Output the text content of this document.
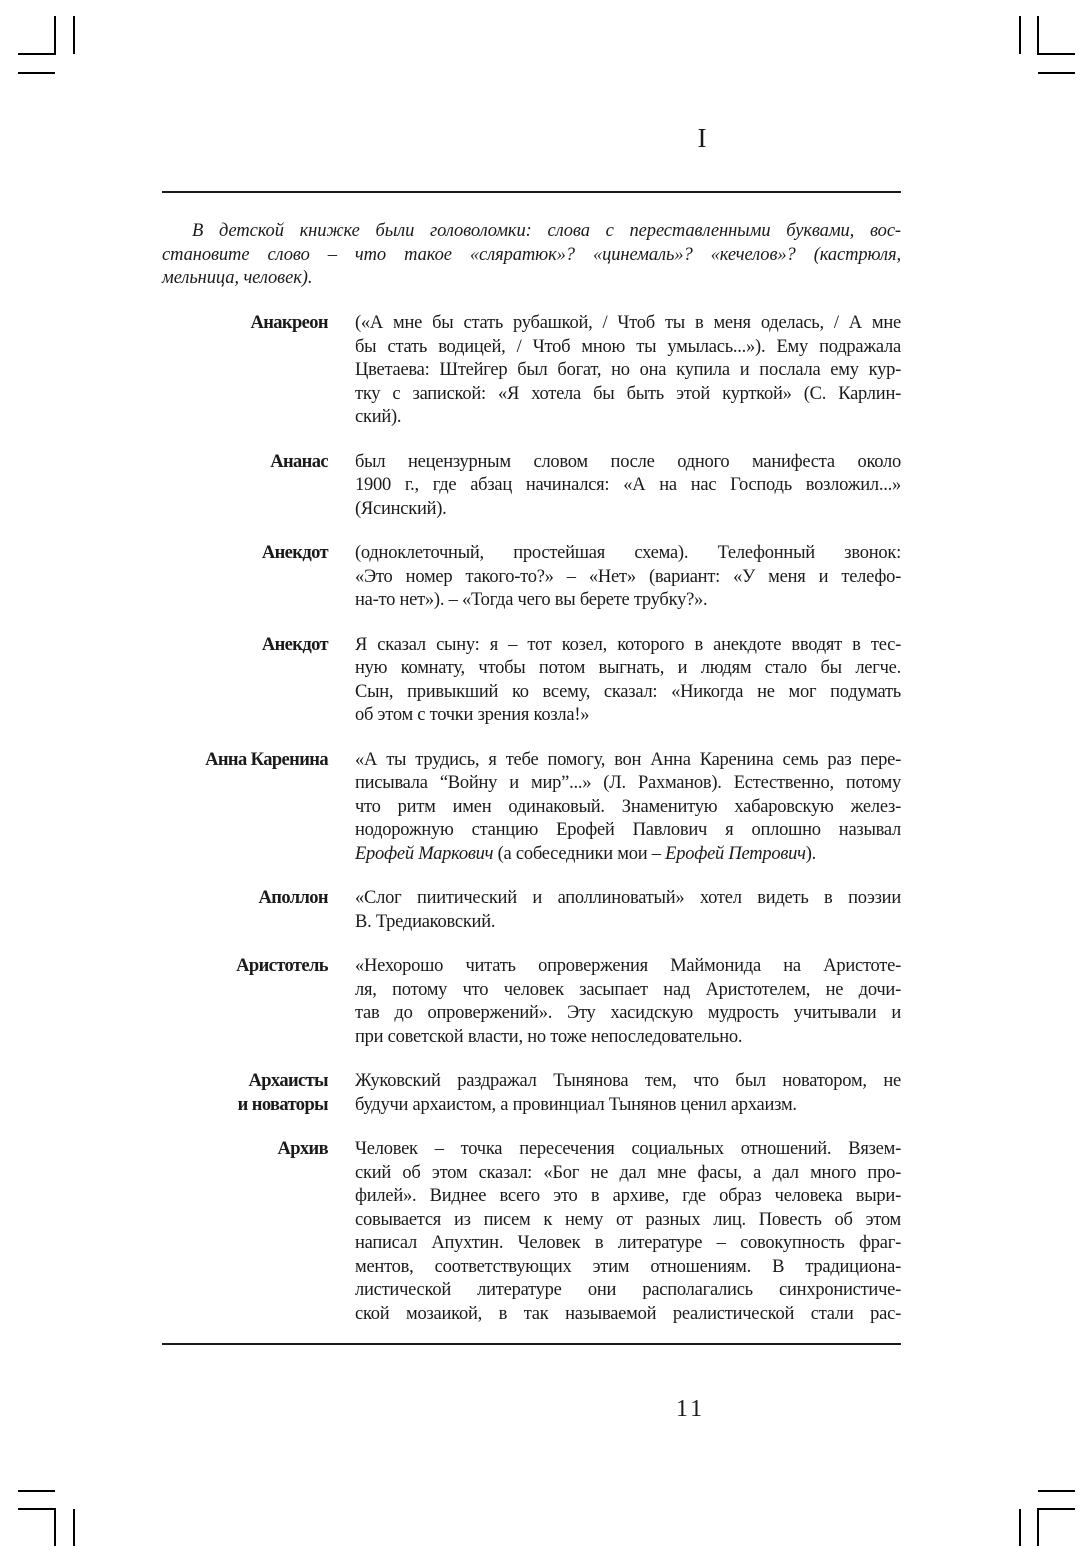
I
В детской книжке были головоломки: слова с переставленными буквами, вос-
становите слово – что такое «сляратюк»? «цинемаль»? «кечелов»? (кастрюля,
мельница, человек).
Анакреон («А мне бы стать рубашкой, / Чтоб ты в меня оделась, / А мне
бы стать водицей, / Чтоб мною ты умылась...»). Ему подражала
Цветаева: Штейгер был богат, но она купила и послала ему кур-
тку с запиской: «Я хотела бы быть этой курткой» (С. Карлин-
ский).
Ананас был нецензурным словом после одного манифеста около
1900 г., где абзац начинался: «А на нас Господь возложил...»
(Ясинский).
Анекдот (одноклеточный, простейшая схема). Телефонный звонок:
«Это номер такого-то?» – «Нет» (вариант: «У меня и телефо-
на-то нет»). – «Тогда чего вы берете трубку?».
Анекдот Я сказал сыну: я – тот козел, которого в анекдоте вводят в тес-
ную комнату, чтобы потом выгнать, и людям стало бы легче.
Сын, привыкший ко всему, сказал: «Никогда не мог подумать
об этом с точки зрения козла!»
Анна Каренина «А ты трудись, я тебе помогу, вон Анна Каренина семь раз пере-
писывала “Войну и мир”...» (Л. Рахманов). Естественно, потому
что ритм имен одинаковый. Знаменитую хабаровскую желез-
нодорожную станцию Ерофей Павлович я оплошно называл
Ерофей Маркович (а собеседники мои – Ерофей Петрович).
Аполлон «Слог пиитический и аполлиноватый» хотел видеть в поэзии
В. Тредиаковский.
Аристотель «Нехорошо читать опровержения Маймонида на Аристоте-
ля, потому что человек засыпает над Аристотелем, не дочи-
тав до опровержений». Эту хасидскую мудрость учитывали и
при советской власти, но тоже непоследовательно.
Архаисты
и новаторы
Жуковский раздражал Тынянова тем, что был новатором, не
будучи архаистом, а провинциал Тынянов ценил архаизм.
Архив Человек – точка пересечения социальных отношений. Вязем-
ский об этом сказал: «Бог не дал мне фасы, а дал много про-
филей». Виднее всего это в архиве, где образ человека выри-
совывается из писем к нему от разных лиц. Повесть об этом
написал Апухтин. Человек в литературе – совокупность фраг-
ментов, соответствующих этим отношениям. В традициона-
листической литературе они располагались синхронистиче-
ской мозаикой, в так называемой реалистической стали рас-
11
